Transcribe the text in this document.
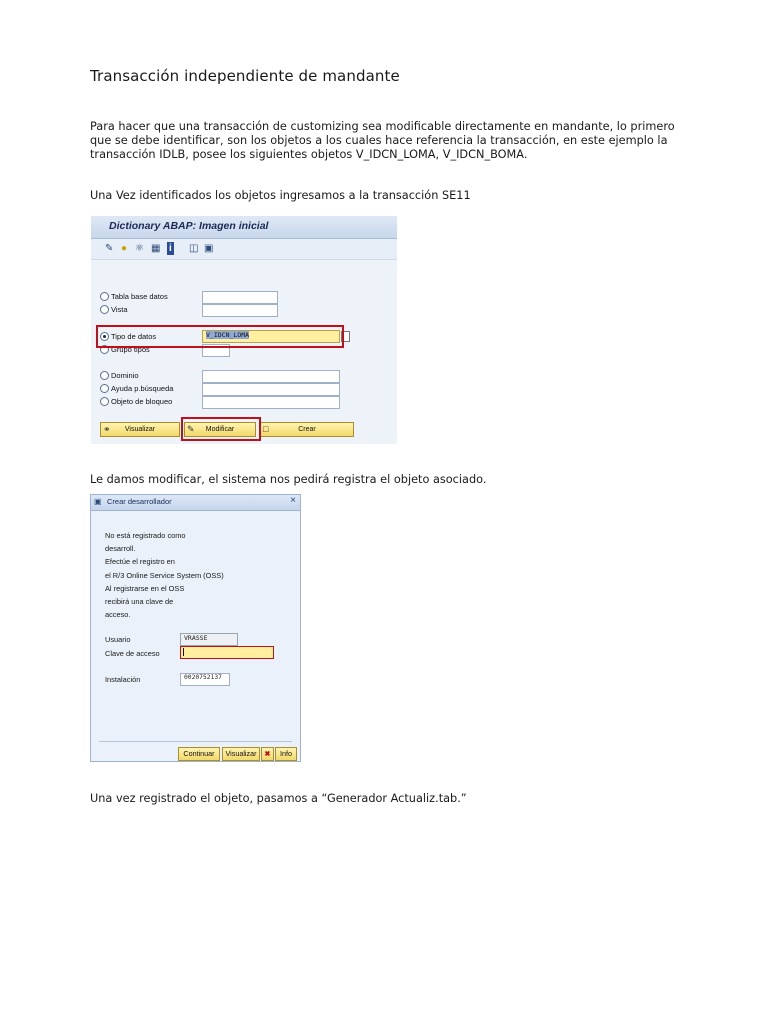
Transacción independiente de mandante

Para hacer que una transacción de customizing sea modificable directamente en mandante, lo primero que se debe identificar, son los objetos a los cuales hace referencia la transacción, en este ejemplo la transacción IDLB, posee los siguientes objetos V_IDCN_LOMA, V_IDCN_BOMA.

Una Vez identificados los objetos ingresamos a la transacción SE11

Dictionary ABAP: Imagen inicial
✎ ● ⚛ ▦ i ◫ ▣
Tabla base datos
Vista
Tipo de datos	V_IDCN_LOMA
Grupo tipos
Dominio
Ayuda p.búsqueda
Objeto de bloqueo
⚭ Visualizar	✎ Modificar	□	Crear

Le damos modificar, el sistema nos pedirá registra el objeto asociado.

▣ Crear desarrollador	×
No está registrado como
desarroll.
Efectúe el registro en
el R/3 Online Service System (OSS)
Al registrarse en el OSS
recibirá una clave de
acceso.
Usuario	VRASSE
Clave de acceso
Instalación	0020752137
Continuar	Visualizar	✖	Info

Una vez registrado el objeto, pasamos a “Generador Actualiz.tab.”
